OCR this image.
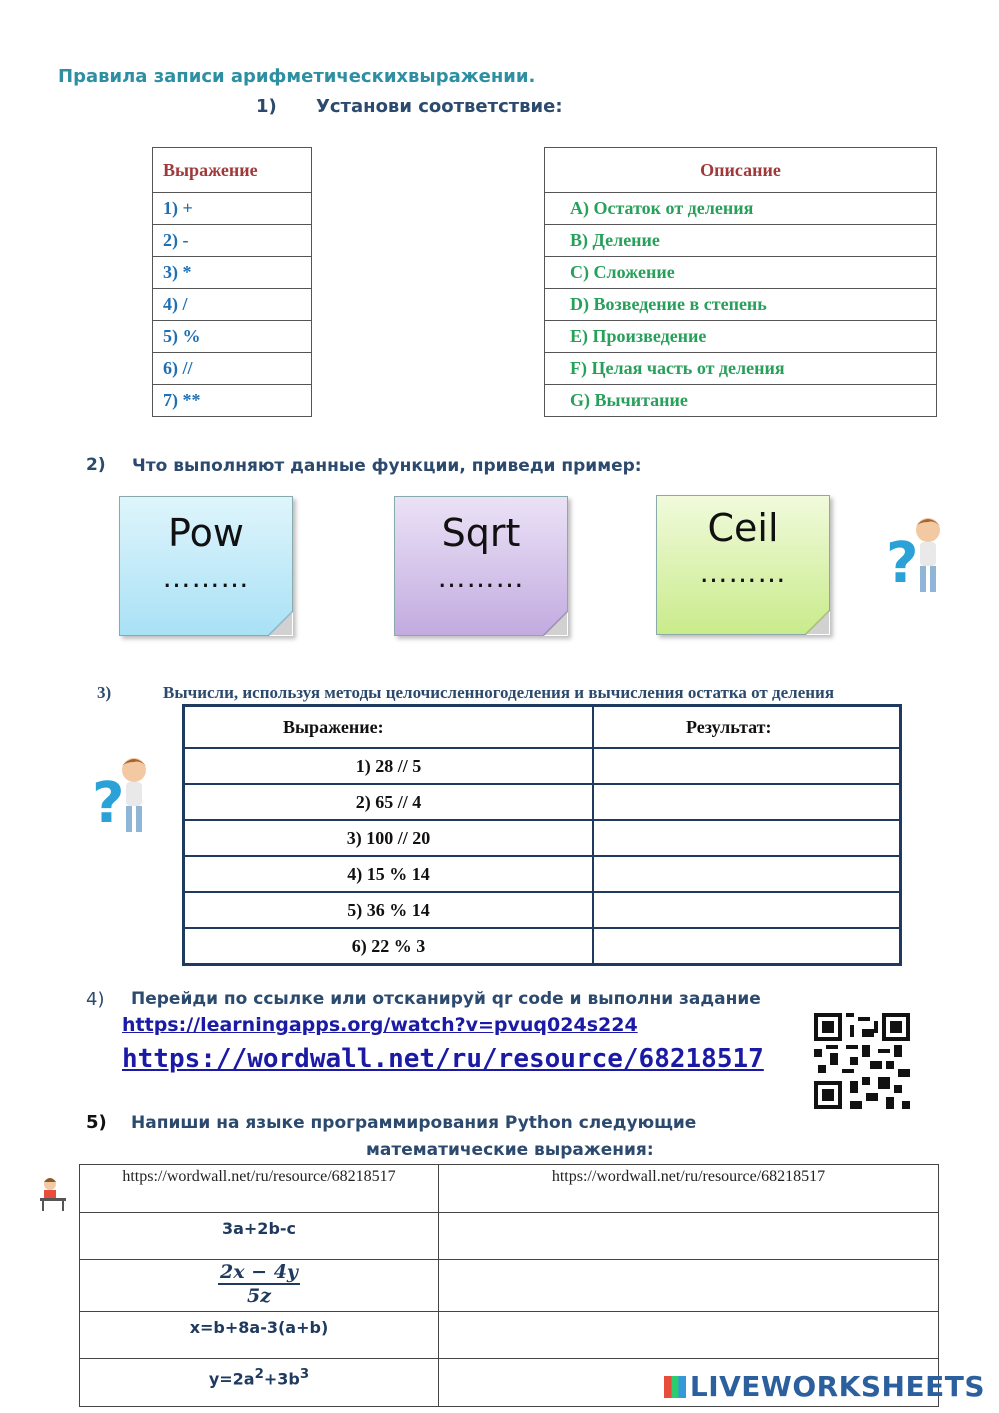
Правила записи арифметическихвыражении.
1) Установи соответствие:
Выражение
1) +
2) -
3) *
4) /
5) %
6) //
7) **
Описание
A) Остаток от деления
B) Деление
C) Сложение
D) Возведение в степень
E) Произведение
F) Целая часть от деления
G) Вычитание
2) Что выполняют данные функции, приведи пример:
Pow
………
Sqrt
………
Ceil
………	?
3)	Вычисли, используя методы целочисленногоделения и вычисления остатка от деления
?
Выражение:	Результат:
1) 28 // 5	
2) 65 // 4	
3) 100 // 20	
4) 15 % 14	
5) 36 % 14	
6) 22 % 3	
4) Перейди по ссылке или отсканируй qr code и выполни задание
https://learningapps.org/watch?v=pvuq024s224
https://wordwall.net/ru/resource/68218517
5) Напиши на языке программирования Python следующие
математические выражения:
https://wordwall.net/ru/resource/68218517	https://wordwall.net/ru/resource/68218517
3a+2b-c	

$\frac{2x - 4y}{5z}$

x=b+8a-3(a+b)	
$y=2a^2+3b^3$		LIVEWORKSHEETS
